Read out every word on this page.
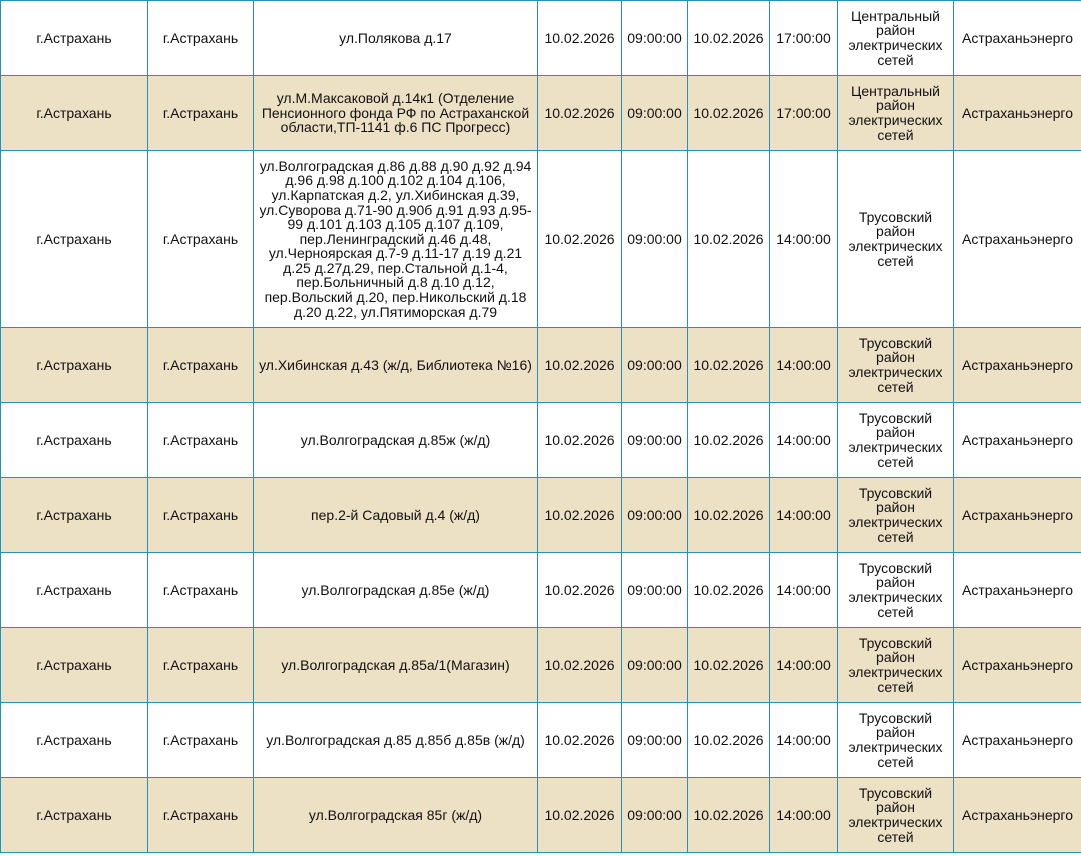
г.Астрахань	г.Астрахань	ул.Полякова д.17	10.02.2026	09:00:00	10.02.2026	17:00:00	Центральный район электрических сетей	Астраханьэнерго
г.Астрахань	г.Астрахань	ул.М.Максаковой д.14к1 (Отделение Пенсионного фонда РФ по Астраханской области,ТП-1141 ф.6 ПС Прогресс)	10.02.2026	09:00:00	10.02.2026	17:00:00	Центральный район электрических сетей	Астраханьэнерго
г.Астрахань	г.Астрахань	ул.Волгоградская д.86 д.88 д.90 д.92 д.94 д.96 д.98 д.100 д.102 д.104 д.106, ул.Карпатская д.2, ул.Хибинская д.39, ул.Суворова д.71-90 д.90б д.91 д.93 д.95-99 д.101 д.103 д.105 д.107 д.109, пер.Ленинградский д.46 д.48, ул.Черноярская д.7-9 д.11-17 д.19 д.21 д.25 д.27д.29, пер.Стальной д.1-4, пер.Больничный д.8 д.10 д.12, пер.Вольский д.20, пер.Никольский д.18 д.20 д.22, ул.Пятиморская д.79	10.02.2026	09:00:00	10.02.2026	14:00:00	Трусовский район электрических сетей	Астраханьэнерго
г.Астрахань	г.Астрахань	ул.Хибинская д.43 (ж/д, Библиотека №16)	10.02.2026	09:00:00	10.02.2026	14:00:00	Трусовский район электрических сетей	Астраханьэнерго
г.Астрахань	г.Астрахань	ул.Волгоградская д.85ж (ж/д)	10.02.2026	09:00:00	10.02.2026	14:00:00	Трусовский район электрических сетей	Астраханьэнерго
г.Астрахань	г.Астрахань	пер.2-й Садовый д.4 (ж/д)	10.02.2026	09:00:00	10.02.2026	14:00:00	Трусовский район электрических сетей	Астраханьэнерго
г.Астрахань	г.Астрахань	ул.Волгоградская д.85е (ж/д)	10.02.2026	09:00:00	10.02.2026	14:00:00	Трусовский район электрических сетей	Астраханьэнерго
г.Астрахань	г.Астрахань	ул.Волгоградская д.85а/1(Магазин)	10.02.2026	09:00:00	10.02.2026	14:00:00	Трусовский район электрических сетей	Астраханьэнерго
г.Астрахань	г.Астрахань	ул.Волгоградская д.85 д.85б д.85в (ж/д)	10.02.2026	09:00:00	10.02.2026	14:00:00	Трусовский район электрических сетей	Астраханьэнерго
г.Астрахань	г.Астрахань	ул.Волгоградская 85г (ж/д)	10.02.2026	09:00:00	10.02.2026	14:00:00	Трусовский район электрических сетей	Астраханьэнерго
